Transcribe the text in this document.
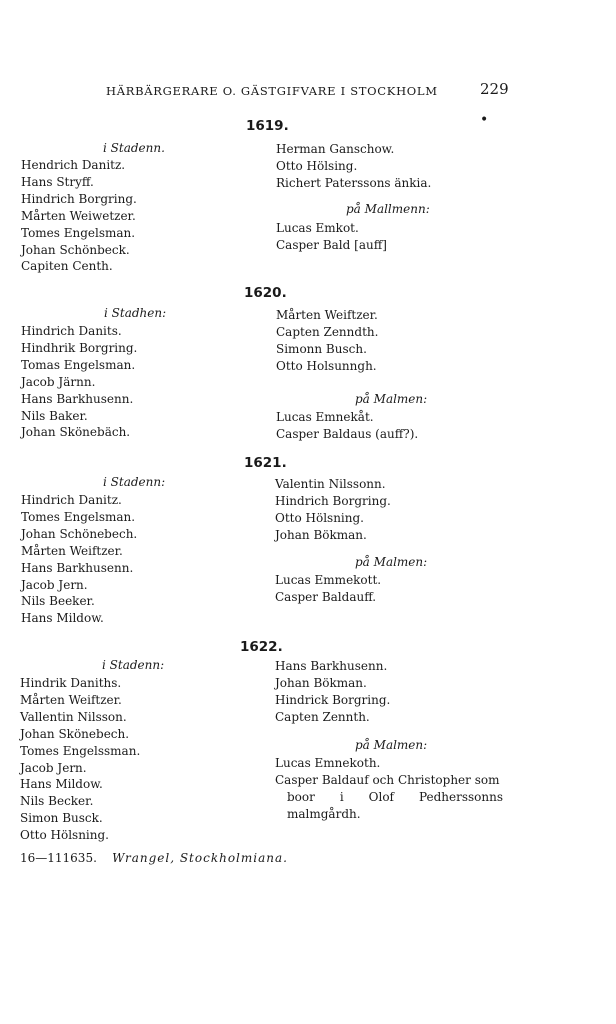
HÄRBÄRGERARE O. GÄSTGIFVARE I STOCKHOLM	229
•
1619.
i Stadenn.
Hendrich Danitz.
Hans Stryff.
Hindrich Borgring.
Mårten Weiwetzer.
Tomes Engelsman.
Johan Schönbeck.
Capiten Centh.
Herman Ganschow.
Otto Hölsing.
Richert Paterssons änkia.
på Mallmenn:
Lucas Emkot.
Casper Bald [auff]
1620.
i Stadhen:
Hindrich Danits.
Hindhrik Borgring.
Tomas Engelsman.
Jacob Järnn.
Hans Barkhusenn.
Nils Baker.
Johan Skönebäch.
Mårten Weiftzer.
Capten Zenndth.
Simonn Busch.
Otto Holsunngh.
på Malmen:
Lucas Emnekåt.
Casper Baldaus (auff?).
1621.
i Stadenn:
Hindrich Danitz.
Tomes Engelsman.
Johan Schönebech.
Mårten Weiftzer.
Hans Barkhusenn.
Jacob Jern.
Nils Beeker.
Hans Mildow.
Valentin Nilssonn.
Hindrich Borgring.
Otto Hölsning.
Johan Bökman.
på Malmen:
Lucas Emmekott.
Casper Baldauff.
1622.
i Stadenn:
Hindrik Daniths.
Mårten Weiftzer.
Vallentin Nilsson.
Johan Skönebech.
Tomes Engelssman.
Jacob Jern.
Hans Mildow.
Nils Becker.
Simon Busck.
Otto Hölsning.
Hans Barkhusenn.
Johan Bökman.
Hindrick Borgring.
Capten Zennth.
på Malmen:
Lucas Emnekoth.
Casper Baldauf och Christopher som
boor i Olof Pedherssonns malmgårdh.
16—111635. Wrangel, Stockholmiana.
